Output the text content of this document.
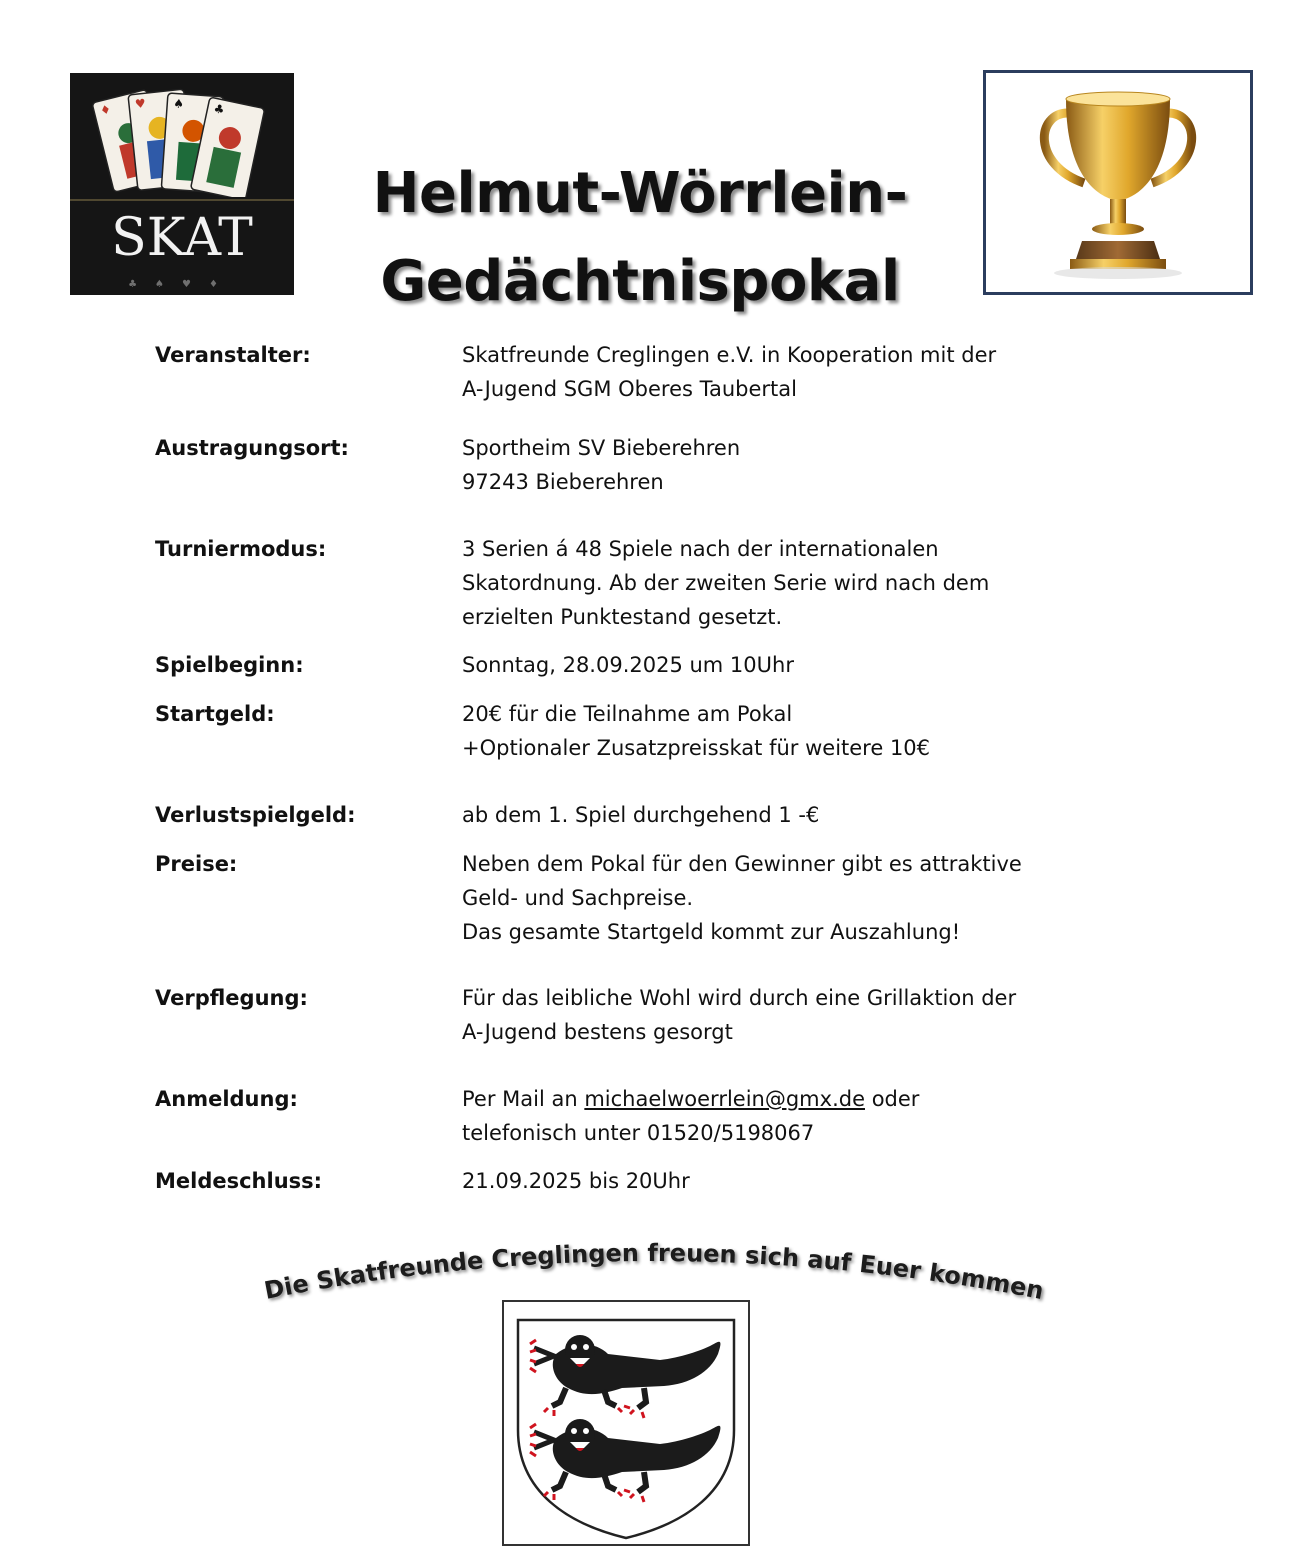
♦ ♥ ♠ ♣
SKAT
♣♠♥♦
Helmut-Wörrlein-
Gedächtnispokal
Veranstalter:	Skatfreunde Creglingen e.V. in Kooperation mit der
A-Jugend SGM Oberes Taubertal
Austragungsort:	Sportheim SV Bieberehren
97243 Bieberehren
Turniermodus:	3 Serien á 48 Spiele nach der internationalen
Skatordnung. Ab der zweiten Serie wird nach dem
erzielten Punktestand gesetzt.
Spielbeginn:	Sonntag, 28.09.2025 um 10Uhr
Startgeld:	20€ für die Teilnahme am Pokal
+Optionaler Zusatzpreisskat für weitere 10€
Verlustspielgeld:	ab dem 1. Spiel durchgehend 1 -€
Preise:	Neben dem Pokal für den Gewinner gibt es attraktive
Geld- und Sachpreise.
Das gesamte Startgeld kommt zur Auszahlung!
Verpflegung:	Für das leibliche Wohl wird durch eine Grillaktion der
A-Jugend bestens gesorgt
Anmeldung:	Per Mail an michaelwoerrlein@gmx.de oder
telefonisch unter 01520/5198067
Meldeschluss:	21.09.2025 bis 20Uhr
Die Skatfreunde Creglingen freuen sich auf Euer kommen
